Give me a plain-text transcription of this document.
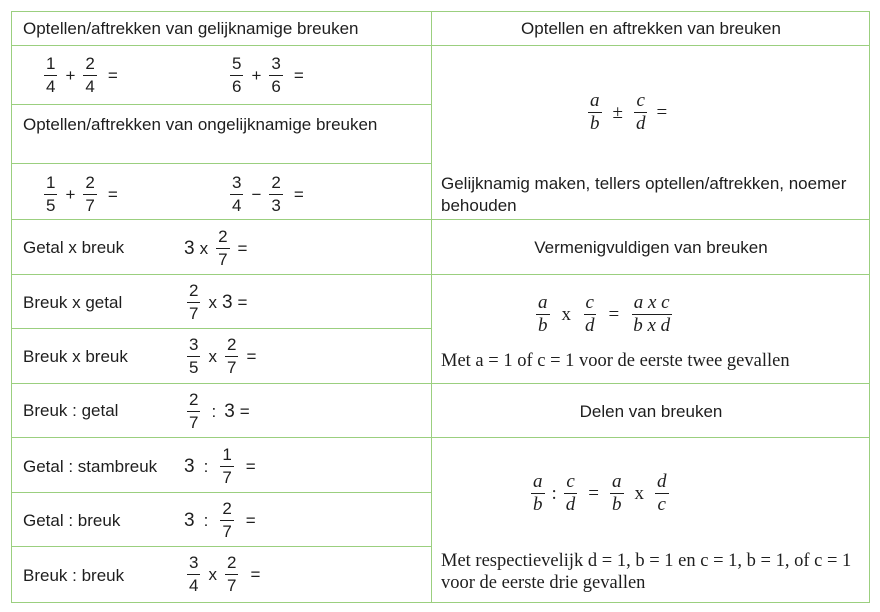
Optellen/aftrekken van gelijknamige breuken
$\frac{1}{4} + \frac{2}{4}$ =	$\frac{5}{6} + \frac{3}{6}$ =
Optellen/aftrekken van ongelijknamige breuken
$\frac{1}{5} + \frac{2}{7}$ =	$\frac{3}{4} - \frac{2}{3}$ =
Getal x breuk	3 x $\frac{2}{7}$ =
Breuk x getal	$\frac{2}{7}$ x 3 =
Breuk x breuk	$\frac{3}{5}$ x $\frac{2}{7}$ =
Breuk : getal	$\frac{2}{7}$ : 3 =
Getal : stambreuk 3 : $\frac{1}{7}$ =
Getal : breuk	3 : $\frac{2}{7}$ =
Breuk : breuk	$\frac{3}{4}$ x $\frac{2}{7}$ =
Optellen en aftrekken van breuken
$\frac{a}{b} \pm \frac{c}{d}$ =
Gelijknamig maken, tellers optellen/aftrekken, noemer behouden
Vermenigvuldigen van breuken
$\frac{a}{b}$ x $\frac{c}{d} = \frac{\text{a x c}}{\text{b x d}}$
Met a = 1 of c = 1 voor de eerste twee gevallen
Delen van breuken
$\frac{a}{b}$ : $\frac{c}{d} = \frac{a}{b}$ x $\frac{d}{c}$
Met respectievelijk d = 1, b = 1 en c = 1, b = 1, of c = 1 voor de eerste drie gevallen
